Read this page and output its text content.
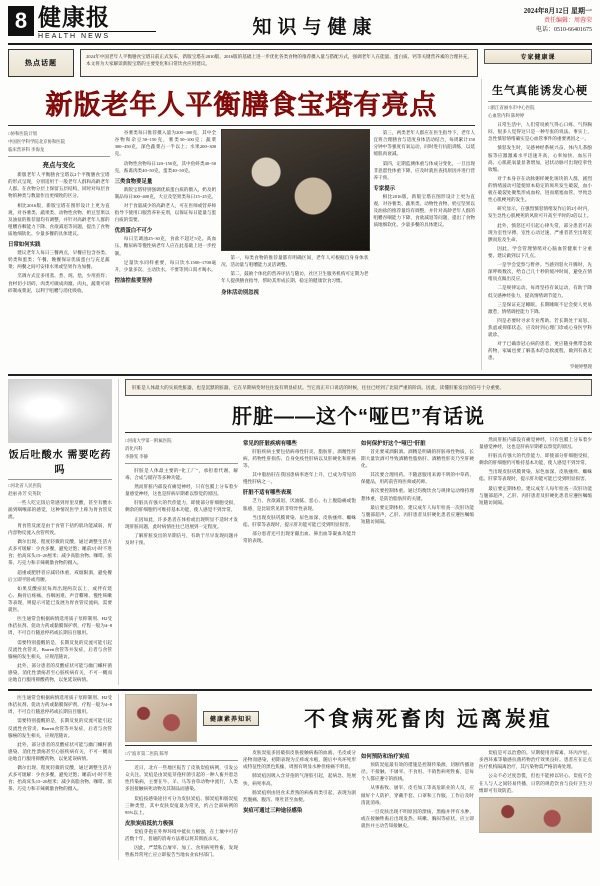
8 健康报
HEALTH NEWS	知识与健康
2024年8月12日 星期一
责任编辑：周蓉荣
电话：0510-66401675
热点话题
2024年中国老年人平衡膳食宝塔日前正式发布，新版宝塔在2010版、2016版的基础上进一步优化各类食物的推荐摄入量与搭配方式，强调老年人在能量、蛋白质、钙等关键营养素的合理补充，本文将为大家解读新版宝塔的主要变化和日常饮食应用建议。
专家健康课
新版老年人平衡膳食宝塔有亮点
□协和医院计划
中国医学科学院北京协和医院
临床营养科 李海龙
亮点与变化

新版老年人平衡膳食宝塔以2个平衡膳食宝塔的形式呈现，分别适用于一般老年人群和高龄老年人群。在食物分层上保留五层结构，同时对每层食物的种类与数量作出更细致的区分。

相比2016版，新版宝塔在图形设计上更为直观，对谷薯类、蔬果类、动物性食物、奶豆坚果以及油盐的推荐量均有调整，并针对高龄老年人群的咀嚼吞咽能力下降、食欲减退等问题，提出了食物质地细软化、少量多餐的具体建议。

日常如何实践

建议老年人每日三餐两点，早餐应包含谷类、奶类和蛋类；午餐、晚餐保证优质蛋白与充足蔬菜；两餐之间可安排水果或坚果作为加餐。

烹调方式宜多用蒸、煮、炖、烩，少用煎炸；食材切小切碎，肉类可做成肉糜、肉丸，蔬菜可剁碎制成菜泥，以利于咀嚼与消化吸收。

谷薯类每日推荐摄入量为200~300克，其中全谷物和杂豆50~150克，薯类50~100克；蔬菜300~450克，深色蔬菜占一半以上；水果200~300克。

动物性食物每日120~150克，其中鱼虾类40~50克，畜禽肉类40~50克，蛋类40~50克。

三类食物要足量

新版宝塔特别强调优质蛋白质的摄入，奶及奶制品每日300~400克，大豆及坚果类每日15~25克。

对于食量减少的高龄老人，可在医师或营养师指导下使用口服营养补充剂，以保证每日能量与蛋白质的需要。

优质蛋白不可少

每日烹调油25~30克，食盐不超过5克。高血压、糖尿病等慢性病老年人应在此基础上进一步控制。

足量饮水同样重要，每日饮水1500~1700毫升，少量多次、主动饮水，不要等到口渴才喝水。

控油控盐要坚持

第一，每类食物的推荐量都有明确区间，老年人可根据自身身体状况、活动量与咀嚼能力灵活调整。

第二，鼓励个体化的营养评估与随访，社区卫生服务机构可定期为老年人提供膳食指导，帮助其形成长期、稳定的健康饮食习惯。

身体活动别忽视

第三，两类老年人群应在医生指导下，老年人宜将合理膳食与适度身体活动结合，每周累计150分钟中等强度有氧运动，同时进行抗阻训练，以延缓肌肉衰减。

第四，定期监测体重与体成分变化，一旦出现非意愿性体重下降，应及时就医查找原因并进行营养干预。

专家提示

相比2016版，新版宝塔在图形设计上更为直观，对谷薯类、蔬果类、动物性食物、奶豆坚果以及油盐的推荐量均有调整，并针对高龄老年人群的咀嚼吞咽能力下降、食欲减退等问题，提出了食物质地细软化、少量多餐的具体建议。

生气真能诱发心梗
□浙江省丽水市中心医院
心血管内科 陈婷婷

日常生活中，人们常说被气得心口疼、气得胸闷，很多人觉得这只是一种夸张的说法。事实上，急性愤怒情绪确实是心血管事件的重要诱因之一。

愤怒发生时，交感神经系统兴奋，体内儿茶酚胺等应激激素水平迅速升高，心率加快、血压升高、心肌耗氧量显著增加，冠状动脉可出现痉挛性收缩。

对于本身存在动脉粥样硬化斑块的人群，剧烈的情绪波动可能使原本稳定的斑块发生破裂，血小板在破裂处聚集形成血栓，进而堵塞血管，导致急性心肌梗死的发生。

研究显示，在强烈愤怒情绪发作后的2小时内，发生急性心肌梗死的风险可升高至平时的2倍以上。

此外，愤怒还可引起心律失常，部分患者可表现为室性早搏、室性心动过速，严重者甚至出现室颤而危及生命。

因此，学会管理情绪对心脑血管健康十分重要。建议做到以下几点。

一是学会觉察与暂停。当感到怒火升腾时，先深呼吸数次，给自己几十秒的缓冲时间，避免在情绪顶点做出反应。

二是规律运动。每周坚持有氧运动，有助于降低交感神经张力，提高情绪调节能力。

三是保证充足睡眠。长期睡眠不足会使人更易激惹，情绪调控能力下降。

四是必要时寻求专业帮助。若长期处于易怒、焦虑或抑郁状态，应及时到心理门诊或心身医学科就诊。

对于已确诊冠心病的患者，更应随身携带急救药物，家属也要了解基本的急救流程，做到有备无患。

罗婉婷整理
饭后吐酸水 需要吃药吗
□河北省人民医院
赵丽 孙芳 史英软

一些人吃完饭后常感到胃里反酸，甚至有酸水涌到咽喉部的感觉，这种情况医学上称为胃食管反流。

胃食管反流是由于食管下括约肌功能减弱，胃内容物反流入食管所致。

偶尔出现、程度轻微的反酸，通过调整生活方式多可缓解：少食多餐，避免过饱；睡前3小时不进食；抬高床头15~20厘米；减少高脂食物、咖啡、浓茶、巧克力和辛辣刺激食物的摄入。

超重或肥胖者应减轻体重，戒烟限酒，避免餐后立即平卧或弯腰。

如果反酸症状每周出现两次以上，或伴有烧心、胸骨后疼痛、吞咽困难、声音嘶哑、慢性咳嗽等表现，则提示可能已发展为胃食管反流病，需要就医。

医生通常会根据病情选用质子泵抑制剂、H2受体拮抗剂、促动力药或黏膜保护剂，疗程一般为4~8周，不可自行随意停药或长期盲目服用。

需要特别提醒的是，长期反复的反流可能引起反流性食管炎、Barrett食管等并发症，后者与食管腺癌的发生相关，应规范随访。

此外，部分患者的反酸症状可能与幽门螺杆菌感染、消化性溃疡甚至心脏疾病有关，不可一概而论地自行服用抑酸药物，以免延误病情。

肝脏是人体最大的实质性脏器，也是沉默的脏器，它在早期病变时往往没有明显症状。当它真正开口说话的时候，往往已经到了比较严重的阶段。因此，读懂肝脏发出的信号十分重要。
肝脏——这个“哑巴”有话说
□河南大学第一附属医院
消化内科
李静雯 李静

肝脏是人体最主要的“化工厂”，承担着代谢、解毒、合成与储存等多种功能。

然而肝脏内部没有痛觉神经，只有包膜上分布着少量感觉神经，这也是肝病早期难以察觉的原因。

肝脏具有强大的代偿能力，即使部分肝细胞受损，剩余的肝细胞仍可维持基本功能，使人感觉不到异常。

正因如此，许多患者在体检或出现明显不适时才发现肝脏问题，此时病情往往已进展到一定程度。

了解肝脏发出的早期信号，有助于尽早发现问题并及时干预。

常见的肝脏疾病有哪些

肝脏疾病主要包括病毒性肝炎、脂肪肝、酒精性肝病、药物性肝损伤、自身免疫性肝病以及肝硬化和肝癌等。

其中脂肪肝在我国患病率逐年上升，已成为常见的慢性肝病之一。

肝脏不适有哪些表现

乏力、食欲减退、厌油腻、恶心、右上腹隐痛或饱胀感，是比较常见的非特异性表现。

当出现皮肤巩膜黄染、尿色加深、皮肤瘙痒、蜘蛛痣、肝掌等表现时，提示肝功能可能已受到明显损害。

部分患者还可出现牙龈出血、鼻出血等凝血功能异常的表现。

如何保护好这个“哑巴”肝脏

首先要戒酒限酒。酒精是明确的肝脏毒性物质，长期大量饮酒可导致酒精性脂肪肝、酒精性肝炎乃至肝硬化。

其次要合理用药。不随意服用来源不明的中草药、保健品，用药前咨询医师或药师。

再次要控制体重。通过均衡饮食与规律运动维持理想体重，是防治脂肪肝的关键。

最后要定期体检。建议成年人每年检查一次肝功能与腹部超声，乙肝、丙肝患者及肝硬化患者应遵医嘱缩短随访间隔。

然而肝脏内部没有痛觉神经，只有包膜上分布着少量感觉神经，这也是肝病早期难以察觉的原因。

肝脏具有强大的代偿能力，即使部分肝细胞受损，剩余的肝细胞仍可维持基本功能，使人感觉不到异常。

当出现皮肤巩膜黄染、尿色加深、皮肤瘙痒、蜘蛛痣、肝掌等表现时，提示肝功能可能已受到明显损害。

最后要定期体检。建议成年人每年检查一次肝功能与腹部超声，乙肝、丙肝患者及肝硬化患者应遵医嘱缩短随访间隔。

医生通常会根据病情选用质子泵抑制剂、H2受体拮抗剂、促动力药或黏膜保护剂，疗程一般为4~8周，不可自行随意停药或长期盲目服用。

需要特别提醒的是，长期反复的反流可能引起反流性食管炎、Barrett食管等并发症，后者与食管腺癌的发生相关，应规范随访。

此外，部分患者的反酸症状可能与幽门螺杆菌感染、消化性溃疡甚至心脏疾病有关，不可一概而论地自行服用抑酸药物，以免延误病情。

偶尔出现、程度轻微的反酸，通过调整生活方式多可缓解：少食多餐，避免过饱；睡前3小时不进食；抬高床头15~20厘米；减少高脂食物、咖啡、浓茶、巧克力和辛辣刺激食物的摄入。

健康素养知识	不食病死畜肉 远离炭疽
□宁波市第二医院 陈琴

近日，北方一些地区报告了皮肤炭疽病例，引发公众关注。炭疽是由炭疽芽孢杆菌引起的一种人畜共患急性传染病，主要在牛、羊、马等食草动物中流行，人类多因接触病死动物及其制品而感染。

炭疽按感染途径可分为皮肤炭疽、肺炭疽和肠炭疽三种类型，其中皮肤炭疽最为常见，约占全部病例的95%以上。

皮肤炭疽抵抗力极强

炭疽芽孢在外界环境中抵抗力极强，在土壤中可存活数十年，普通的消毒方法难以将其彻底杀灭。

因此，严禁私自屠宰、加工、食用病死牲畜，发现牲畜异常死亡应立即报告当地农业农村部门。

皮肤炭疽多因破损皮肤接触病畜的血液、毛皮或分泌物而感染，初期表现为丘疹或水疱，随后中央坏死形成特征性的黑色焦痂，周围有明显水肿但疼痛不明显。

肺炭疽因吸入含芽孢的气溶胶引起，起病急、进展快，病死率高。

肠炭疽则由进食未煮熟的病畜肉类引起，表现为剧烈腹痛、腹泻、呕吐甚至血便。

炭疽可通过三种途径感染
如何预防和治疗炭疽

预防炭疽最有效的措施是控制传染源，切断传播途径。不接触、不屠宰、不食用、不销售病死牲畜，是每个人都应遵守的底线。

从事畜牧、屠宰、皮毛加工等高危职业的人员，应做好个人防护，穿戴手套、口罩和工作服，工作后及时清洗消毒。

一旦皮肤出现不明原因的溃疡、黑痂并伴有水肿，或在接触牲畜后出现发热、咳嗽、胸闷等症状，应立即就医并主动告知接触史。

炭疽是可以治愈的。早期使用青霉素、环丙沙星、多西环素等敏感抗菌药物治疗效果良好。患者应在定点医疗机构隔离治疗，其污染物需严格消毒处理。

公众不必过度恐慌，但也不能掉以轻心。炭疽不会在人与人之间轻易传播，日常的规范饮食与良好卫生习惯即可有效防范。
